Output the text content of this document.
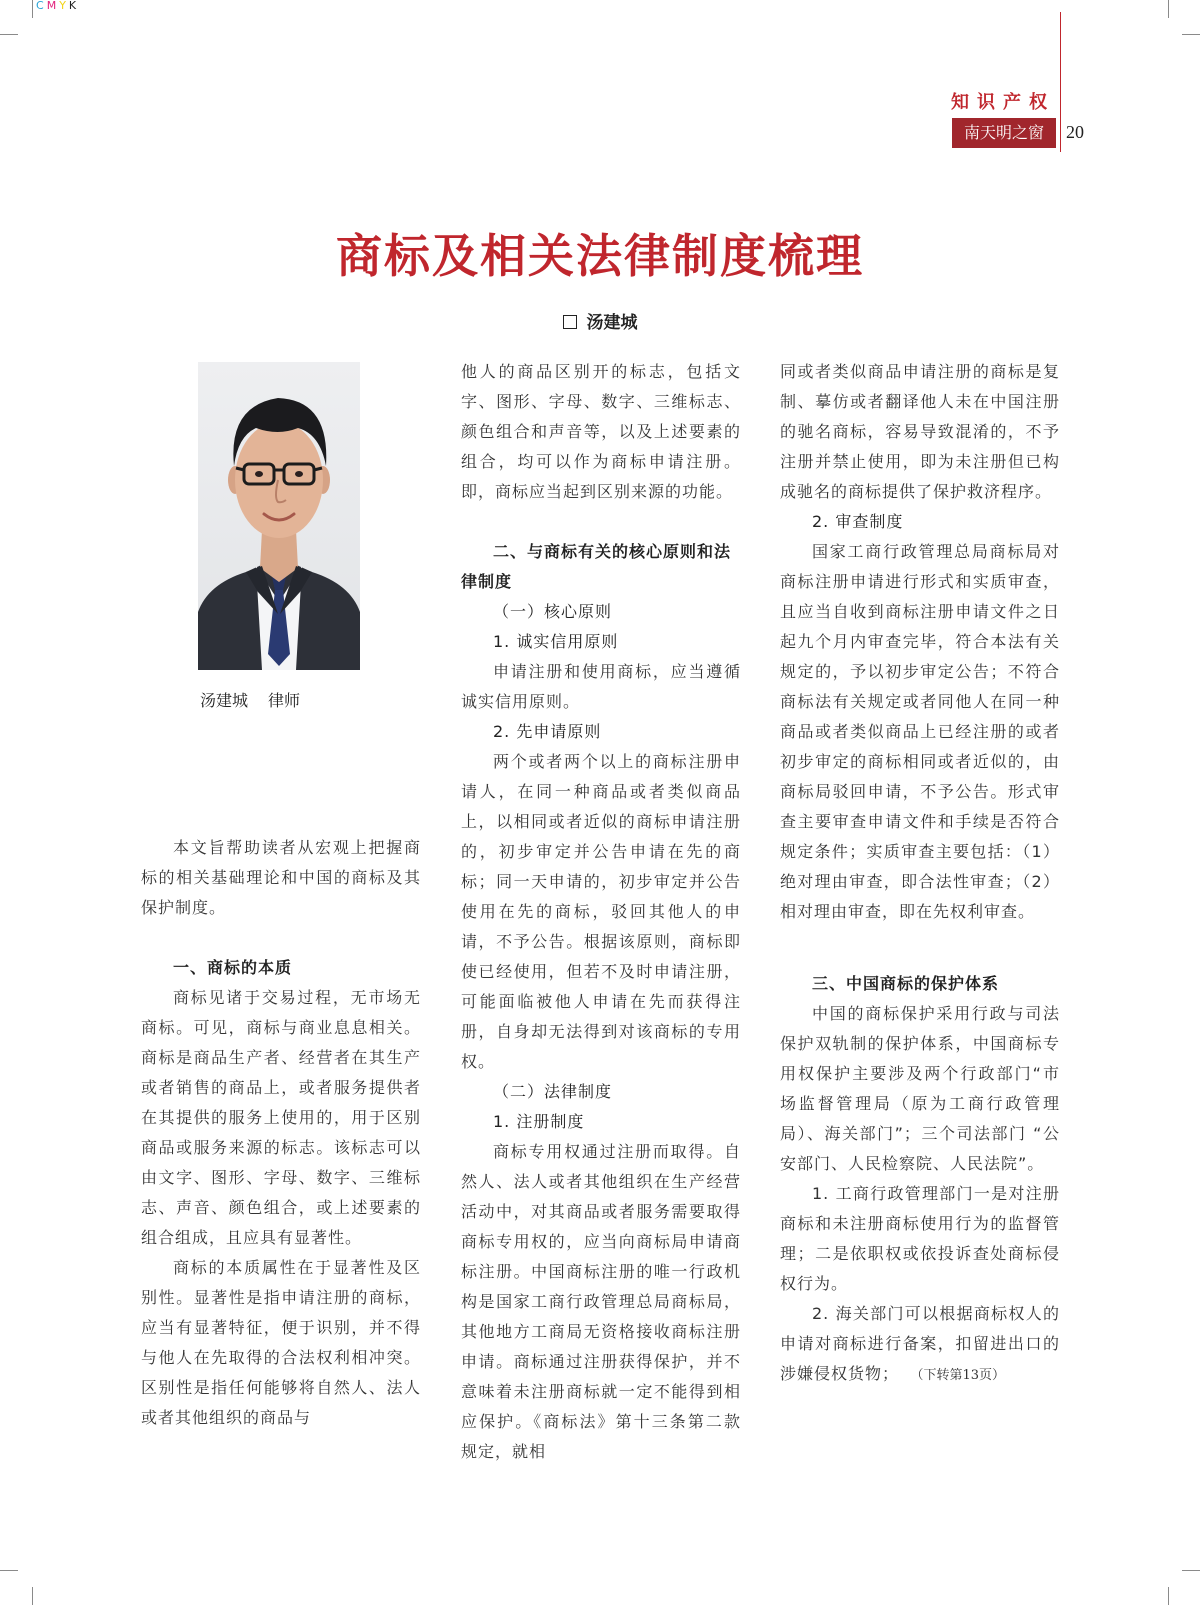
CMYK
知识产权
南天明之窗	20
商标及相关法律制度梳理
汤建城
汤建城 律师

本文旨帮助读者从宏观上把握商标的相关基础理论和中国的商标及其保护制度。

一、商标的本质

商标见诸于交易过程，无市场无商标。可见，商标与商业息息相关。商标是商品生产者、经营者在其生产或者销售的商品上，或者服务提供者在其提供的服务上使用的，用于区别商品或服务来源的标志。该标志可以由文字、图形、字母、数字、三维标志、声音、颜色组合，或上述要素的组合组成，且应具有显著性。

商标的本质属性在于显著性及区别性。显著性是指申请注册的商标，应当有显著特征，便于识别，并不得与他人在先取得的合法权利相冲突。区别性是指任何能够将自然人、法人或者其他组织的商品与

他人的商品区别开的标志，包括文字、图形、字母、数字、三维标志、颜色组合和声音等，以及上述要素的组合，均可以作为商标申请注册。即，商标应当起到区别来源的功能。

二、与商标有关的核心原则和法律制度
（一）核心原则
1. 诚实信用原则

申请注册和使用商标，应当遵循诚实信用原则。

2. 先申请原则

两个或者两个以上的商标注册申请人，在同一种商品或者类似商品上，以相同或者近似的商标申请注册的，初步审定并公告申请在先的商标；同一天申请的，初步审定并公告使用在先的商标，驳回其他人的申请，不予公告。根据该原则，商标即使已经使用，但若不及时申请注册，可能面临被他人申请在先而获得注册，自身却无法得到对该商标的专用权。

（二）法律制度
1. 注册制度

商标专用权通过注册而取得。自然人、法人或者其他组织在生产经营活动中，对其商品或者服务需要取得商标专用权的，应当向商标局申请商标注册。中国商标注册的唯一行政机构是国家工商行政管理总局商标局，其他地方工商局无资格接收商标注册申请。商标通过注册获得保护，并不意味着未注册商标就一定不能得到相应保护。《商标法》第十三条第二款规定，就相

同或者类似商品申请注册的商标是复制、摹仿或者翻译他人未在中国注册的驰名商标，容易导致混淆的，不予注册并禁止使用，即为未注册但已构成驰名的商标提供了保护救济程序。

2. 审查制度

国家工商行政管理总局商标局对商标注册申请进行形式和实质审查，且应当自收到商标注册申请文件之日起九个月内审查完毕，符合本法有关规定的，予以初步审定公告；不符合商标法有关规定或者同他人在同一种商品或者类似商品上已经注册的或者初步审定的商标相同或者近似的，由商标局驳回申请，不予公告。形式审查主要审查申请文件和手续是否符合规定条件；实质审查主要包括：（1）绝对理由审查，即合法性审查；（2）相对理由审查，即在先权利审查。

三、中国商标的保护体系

中国的商标保护采用行政与司法保护双轨制的保护体系，中国商标专用权保护主要涉及两个行政部门“市场监督管理局（原为工商行政管理局）、海关部门”；三个司法部门 “公安部门、人民检察院、人民法院”。

1. 工商行政管理部门一是对注册商标和未注册商标使用行为的监督管理；二是依职权或依投诉查处商标侵权行为。

2. 海关部门可以根据商标权人的申请对商标进行备案，扣留进出口的涉嫌侵权货物； （下转第13页）
